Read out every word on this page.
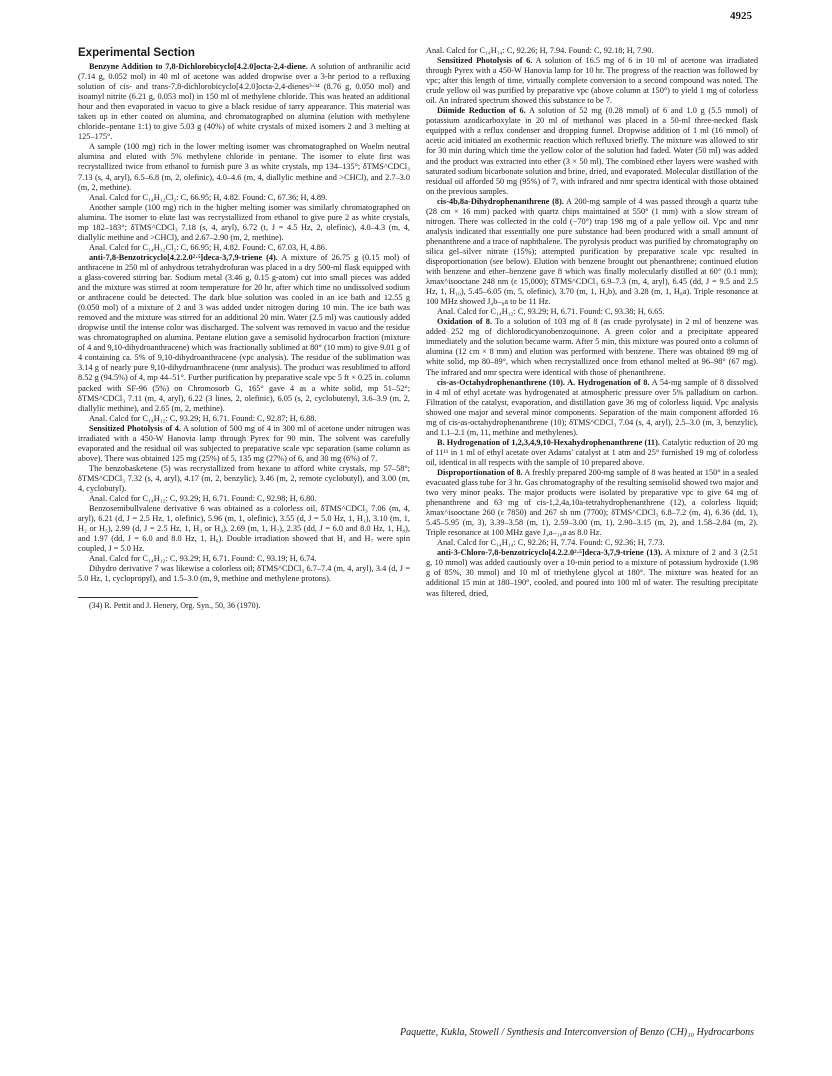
4925
Experimental Section

Benzyne Addition to 7,8-Dichlorobicyclo[4.2.0]octa-2,4-diene. A solution of anthranilic acid (7.14 g, 0.052 mol) in 40 ml of acetone was added dropwise over a 3-hr period to a refluxing solution of cis- and trans-7,8-dichlorobicyclo[4.2.0]octa-2,4-dienes³·³⁴ (8.76 g, 0.050 mol) and isoamyl nitrite (6.21 g, 0.053 mol) in 150 ml of methylene chloride. This was heated an additional hour and then evaporated in vacuo to give a black residue of tarry appearance. This material was taken up in ether coated on alumina, and chromatographed on alumina (elution with methylene chloride–pentane 1:1) to give 5.03 g (40%) of white crystals of mixed isomers 2 and 3 melting at 125–175°.

A sample (100 mg) rich in the lower melting isomer was chromatographed on Woelm neutral alumina and eluted with 5% methylene chloride in pentane. The isomer to elute first was recrystallized twice from ethanol to furnish pure 3 as white crystals, mp 134–135°; δTMS^CDCl₃ 7.13 (s, 4, aryl), 6.5–6.8 (m, 2, olefinic), 4.0–4.6 (m, 4, diallylic methine and >CHCl), and 2.7–3.0 (m, 2, methine).

Anal. Calcd for C₁₄H₁₂Cl₂: C, 66.95; H, 4.82. Found: C, 67.36; H, 4.89.

Another sample (100 mg) rich in the higher melting isomer was similarly chromatographed on alumina. The isomer to elute last was recrystallized from ethanol to give pure 2 as white crystals, mp 182–183°; δTMS^CDCl₃ 7.18 (s, 4, aryl), 6.72 (t, J = 4.5 Hz, 2, olefinic), 4.0–4.3 (m, 4, diallylic methine and >CHCl), and 2.67–2.90 (m, 2, methine).

Anal. Calcd for C₁₄H₁₂Cl₂: C, 66.95; H, 4.82. Found: C, 67.03, H, 4.86.

anti-7,8-Benzotricyclo[4.2.2.0²·⁵]deca-3,7,9-triene (4). A mixture of 26.75 g (0.15 mol) of anthracene in 250 ml of anhydrous tetrahydrofuran was placed in a dry 500-ml flask equipped with a glass-covered stirring bar. Sodium metal (3.46 g, 0.15 g-atom) cut into small pieces was added and the mixture was stirred at room temperature for 20 hr, after which time no undissolved sodium or anthracene could be detected. The dark blue solution was cooled in an ice bath and 12.55 g (0.050 mol) of a mixture of 2 and 3 was added under nitrogen during 10 min. The ice bath was removed and the mixture was stirred for an additional 20 min. Water (2.5 ml) was cautiously added dropwise until the intense color was discharged. The solvent was removed in vacuo and the residue was chromatographed on alumina. Pentane elution gave a semisolid hydrocarbon fraction (mixture of 4 and 9,10-dihydroanthracene) which was fractionally sublimed at 80° (10 mm) to give 9.01 g of 4 containing ca. 5% of 9,10-dihydroanthracene (vpc analysis). The residue of the sublimation was 3.14 g of nearly pure 9,10-dihydroanthracene (nmr analysis). The product was resublimed to afford 8.52 g (94.5%) of 4, mp 44–51°. Further purification by preparative scale vpc 5 ft × 0.25 in. column packed with SF-96 (5%) on Chromosorb G, 165° gave 4 as a white solid, mp 51–52°; δTMS^CDCl₃ 7.11 (m, 4, aryl), 6.22 (3 lines, 2, olefinic), 6.05 (s, 2, cyclobutenyl, 3.6–3.9 (m, 2, diallylic methine), and 2.65 (m, 2, methine).

Anal. Calcd for C₁₄H₁₂: C, 93.29; H, 6.71. Found: C, 92.87; H, 6.88.

Sensitized Photolysis of 4. A solution of 500 mg of 4 in 300 ml of acetone under nitrogen was irradiated with a 450-W Hanovia lamp through Pyrex for 90 min. The solvent was carefully evaporated and the residual oil was subjected to preparative scale vpc separation (same column as above). There was obtained 125 mg (25%) of 5, 135 mg (27%) of 6, and 30 mg (6%) of 7.

The benzobasketene (5) was recrystallized from hexane to afford white crystals, mp 57–58°; δTMS^CDCl₃ 7.32 (s, 4, aryl), 4.17 (m, 2, benzylic), 3.46 (m, 2, remote cyclobutyl), and 3.00 (m, 4, cyclobutyl).

Anal. Calcd for C₁₄H₁₂: C, 93.29; H, 6.71. Found: C, 92.98; H, 6.80.

Benzosemibullvalene derivative 6 was obtained as a colorless oil, δTMS^CDCl₃ 7.06 (m, 4, aryl), 6.21 (d, J = 2.5 Hz, 1, olefinic), 5.96 (m, 1, olefinic), 3.55 (d, J = 5.0 Hz, 1, H₁), 3.10 (m, 1, H₂ or H₅), 2.99 (d, J = 2.5 Hz, 1, H₃ or H₄), 2.69 (m, 1, H₇), 2.35 (dd, J = 6.0 and 8.0 Hz, 1, H₈), and 1.97 (dd, J = 6.0 and 8.0 Hz, 1, H₆). Double irradiation showed that H₁ and H₇ were spin coupled, J = 5.0 Hz.

Anal. Calcd for C₁₄H₁₂: C, 93.29; H, 6.71. Found: C, 93.19; H, 6.74.

Dihydro derivative 7 was likewise a colorless oil; δTMS^CDCl₃ 6.7–7.4 (m, 4, aryl), 3.4 (d, J = 5.0 Hz, 1, cyclopropyl), and 1.5–3.0 (m, 9, methine and methylene protons).

(34) R. Pettit and J. Henery, Org. Syn., 50, 36 (1970).

Anal. Calcd for C₁₄H₁₄: C, 92.26; H, 7.94. Found: C, 92.18; H, 7.90.

Sensitized Photolysis of 6. A solution of 16.5 mg of 6 in 10 ml of acetone was irradiated through Pyrex with a 450-W Hanovia lamp for 10 hr. The progress of the reaction was followed by vpc; after this length of time, virtually complete conversion to a second compound was noted. The crude yellow oil was purified by preparative vpc (above column at 150°) to yield 1 mg of colorless oil. An infrared spectrum showed this substance to be 7.

Diimide Reduction of 6. A solution of 52 mg (0.28 mmol) of 6 and 1.0 g (5.5 mmol) of potassium azodicarboxylate in 20 ml of methanol was placed in a 50-ml three-necked flask equipped with a reflux condenser and dropping funnel. Dropwise addition of 1 ml (16 mmol) of acetic acid initiated an exothermic reaction which refluxed briefly. The mixture was allowed to stir for 30 min during which time the yellow color of the solution had faded. Water (50 ml) was added and the product was extracted into ether (3 × 50 ml). The combined ether layers were washed with saturated sodium bicarbonate solution and brine, dried, and evaporated. Molecular distillation of the residual oil afforded 50 mg (95%) of 7, with infrared and nmr spectra identical with those obtained on the previous samples.

cis-4b,8a-Dihydrophenanthrene (8). A 200-mg sample of 4 was passed through a quartz tube (28 cm × 16 mm) packed with quartz chips maintained at 550° (1 mm) with a slow stream of nitrogen. There was collected in the cold (−70°) trap 198 mg of a pale yellow oil. Vpc and nmr analysis indicated that essentially one pure substance had been produced with a small amount of phenanthrene and a trace of naphthalene. The pyrolysis product was purified by chromatography on silica gel–silver nitrate (15%); attempted purification by preparative scale vpc resulted in disproportionation (see below). Elution with benzene brought out phenanthrene; continued elution with benzene and ether–benzene gave 8 which was finally molecularly distilled at 60° (0.1 mm); λmax^isooctane 248 nm (ε 15,000); δTMS^CDCl₃ 6.9–7.3 (m, 4, aryl), 6.45 (dd, J = 9.5 and 2.5 Hz, 1, H₁₀), 5.45–6.05 (m, 5, olefinic), 3.70 (m, 1, H₄b), and 3.28 (m, 1, H₈a). Triple resonance at 100 MHz showed J₄b–₈a to be 11 Hz.

Anal. Calcd for C₁₄H₁₂: C, 93.29; H, 6.71. Found: C, 93.38; H, 6.65.

Oxidation of 8. To a solution of 103 mg of 8 (as crude pyrolysate) in 2 ml of benzene was added 252 mg of dichlorodicyanobenzoquinone. A green color and a precipitate appeared immediately and the solution became warm. After 5 min, this mixture was poured onto a column of alumina (12 cm × 8 mm) and elution was performed with benzene. There was obtained 89 mg of white solid, mp 80–89°, which when recrystallized once from ethanol melted at 96–98° (67 mg). The infrared and nmr spectra were identical with those of phenanthrene.

cis-as-Octahydrophenanthrene (10). A. Hydrogenation of 8. A 54-mg sample of 8 dissolved in 4 ml of ethyl acetate was hydrogenated at atmospheric pressure over 5% palladium on carbon. Filtration of the catalyst, evaporation, and distillation gave 36 mg of colorless liquid. Vpc analysis showed one major and several minor components. Separation of the main component afforded 16 mg of cis-as-octahydrophenanthrene (10); δTMS^CDCl₃ 7.04 (s, 4, aryl), 2.5–3.0 (m, 3, benzylic), and 1.1–2.1 (m, 11, methine and methylenes).

B. Hydrogenation of 1,2,3,4,9,10-Hexahydrophenanthrene (11). Catalytic reduction of 20 mg of 11¹¹ in 1 ml of ethyl acetate over Adams' catalyst at 1 atm and 25° furnished 19 mg of colorless oil, identical in all respects with the sample of 10 prepared above.

Disproportionation of 8. A freshly prepared 200-mg sample of 8 was heated at 150° in a sealed evacuated glass tube for 3 hr. Gas chromatography of the resulting semisolid showed two major and two very minor peaks. The major products were isolated by preparative vpc to give 64 mg of phenanthrene and 63 mg of cis-1,2,4a,10a-tetrahydrophenanthrene (12), a colorless liquid; λmax^isooctane 260 (ε 7850) and 267 sh nm (7700); δTMS^CDCl₃ 6.8–7.2 (m, 4), 6.36 (dd, 1), 5.45–5.95 (m, 3), 3.39–3.58 (m, 1), 2.59–3.00 (m, 1), 2.90–3.15 (m, 2), and 1.58–2.84 (m, 2). Triple resonance at 100 MHz gave J₄a–₁₀a as 8.0 Hz.

Anal. Calcd for C₁₄H₁₄: C, 92.26; H, 7.74. Found: C, 92.36; H, 7.73.

anti-3-Chloro-7,8-benzotricyclo[4.2.2.0²·⁵]deca-3,7,9-triene (13). A mixture of 2 and 3 (2.51 g, 10 mmol) was added cautiously over a 10-min period to a mixture of potassium hydroxide (1.98 g of 85%, 30 mmol) and 10 ml of triethylene glycol at 180°. The mixture was heated for an additional 15 min at 180–190°, cooled, and poured into 100 ml of water. The resulting precipitate was filtered, dried,

Paquette, Kukla, Stowell / Synthesis and Interconversion of Benzo (CH)₁₀ Hydrocarbons
